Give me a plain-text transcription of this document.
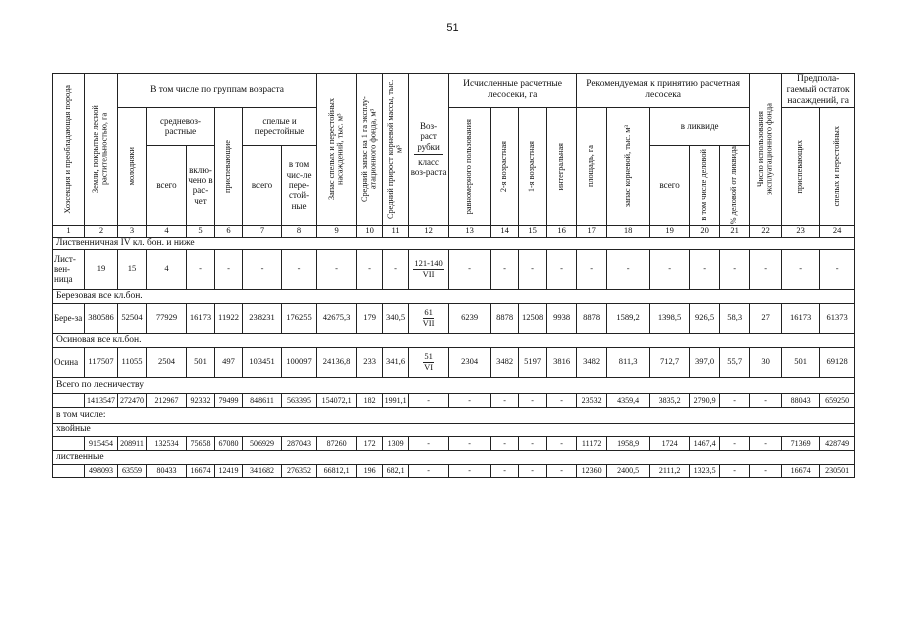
51
Хозсекция и преобладающая порода	Земли, покрытые лесной растительностью, га	В том числе по группам возраста						Запас спелых и перестойных насаждений, тыс. м³	Средний запас на 1 га эксплу-атационного фонда, м³	Средний прирост корневой массы, тыс. м³	Воз-раст рубки
класс воз-раста	Исчисленные расчетные лесосеки, га				Рекомендуемая к принятию расчетная лесосека					Число использования эксплуатационного фонда	Предпола-гаемый остаток насаждений, га	

		молодняки	средневоз-растные		приспевающие	спелые и перестойные						равномерного пользования	2-я возрастная	1-я возрастная	интегральная	площадь, га	запас корневой, тыс. м³	в ликвиде				приспевающих	спелых и перестойных

			всего	вклю-чено в рас-чет		всего	в том чис-ле пере-стой-ные											всего	в том числе деловой	% деловой от ликвида			

1	2	3	4	5	6	7	8	9	10	11	12	13	14	15	16	17	18	19	20	21	22	23	24
Лиственничная IV кл. бон. и ниже																							
Лист-вен-ница	19	15	4	-	-	-	-	-	-	-	$\frac{121-140}{\text{VII}}$	-	-	-	-	-	-	-	-	-	-	-	-
Березовая все кл.бон.																							
Бере-за	380586	52504	77929	16173	11922	238231	176255	42675,3	179	340,5	$\frac{61}{\text{VII}}$	6239	8878	12508	9938	8878	1589,2	1398,5	926,5	58,3	27	16173	61373
Осиновая все кл.бон.																							
Осина	117507	11055	2504	501	497	103451	100097	24136,8	233	341,6	$\frac{51}{VI}$	2304	3482	5197	3816	3482	811,3	712,7	397,0	55,7	30	501	69128
Всего по лесничеству																							
	1413547	272470	212967	92332	79499	848611	563395	154072,1	182	1991,1	-	-	-	-	-	23532	4359,4	3835,2	2790,9	-	-	88043	659250
в том числе:																							
хвойные																							
	915454	208911	132534	75658	67080	506929	287043	87260	172	1309	-	-	-	-	-	11172	1958,9	1724	1467,4	-	-	71369	428749
лиственные																							
	498093	63559	80433	16674	12419	341682	276352	66812,1	196	682,1	-	-	-	-	-	12360	2400,5	2111,2	1323,5	-	-	16674	230501
